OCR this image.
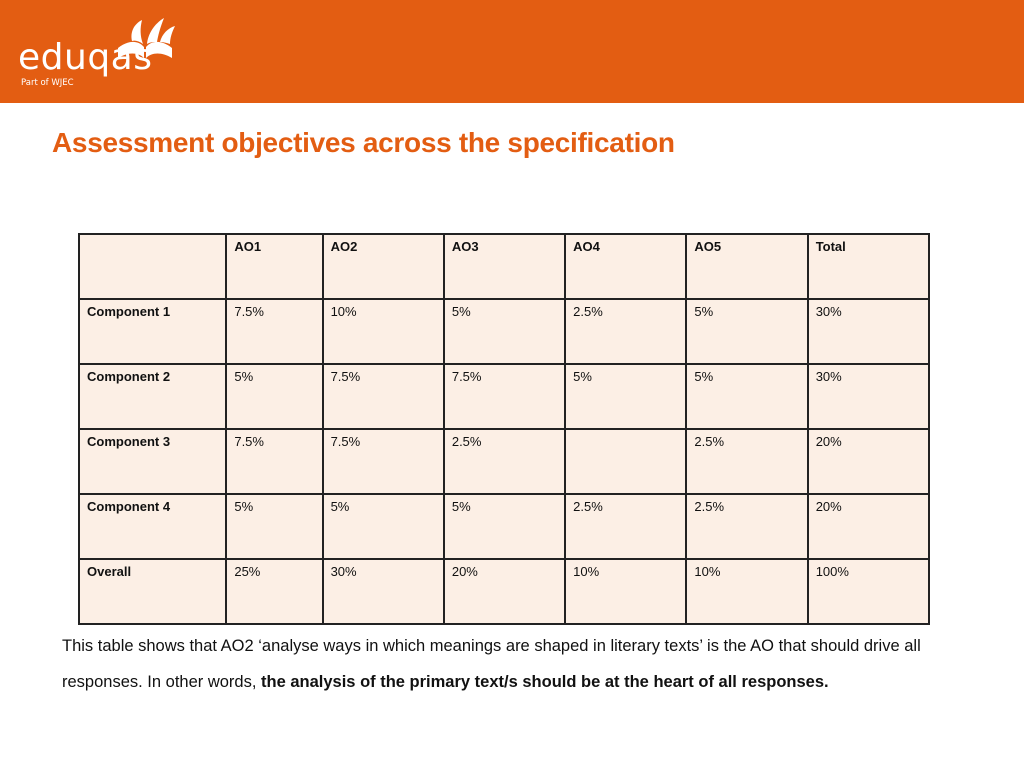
eduqas
Part of WJEC
Assessment objectives across the specification
	AO1	AO2	AO3	AO4	AO5	Total
Component 1	7.5%	10%	5%	2.5%	5%	30%
Component 2	5%	7.5%	7.5%	5%	5%	30%
Component 3	7.5%	7.5%	2.5%		2.5%	20%
Component 4	5%	5%	5%	2.5%	2.5%	20%
Overall	25%	30%	20%	10%	10%	100%

This table shows that AO2 ‘analyse ways in which meanings are shaped in literary texts’ is the AO that should drive all responses. In other words, the analysis of the primary text/s should be at the heart of all responses.
